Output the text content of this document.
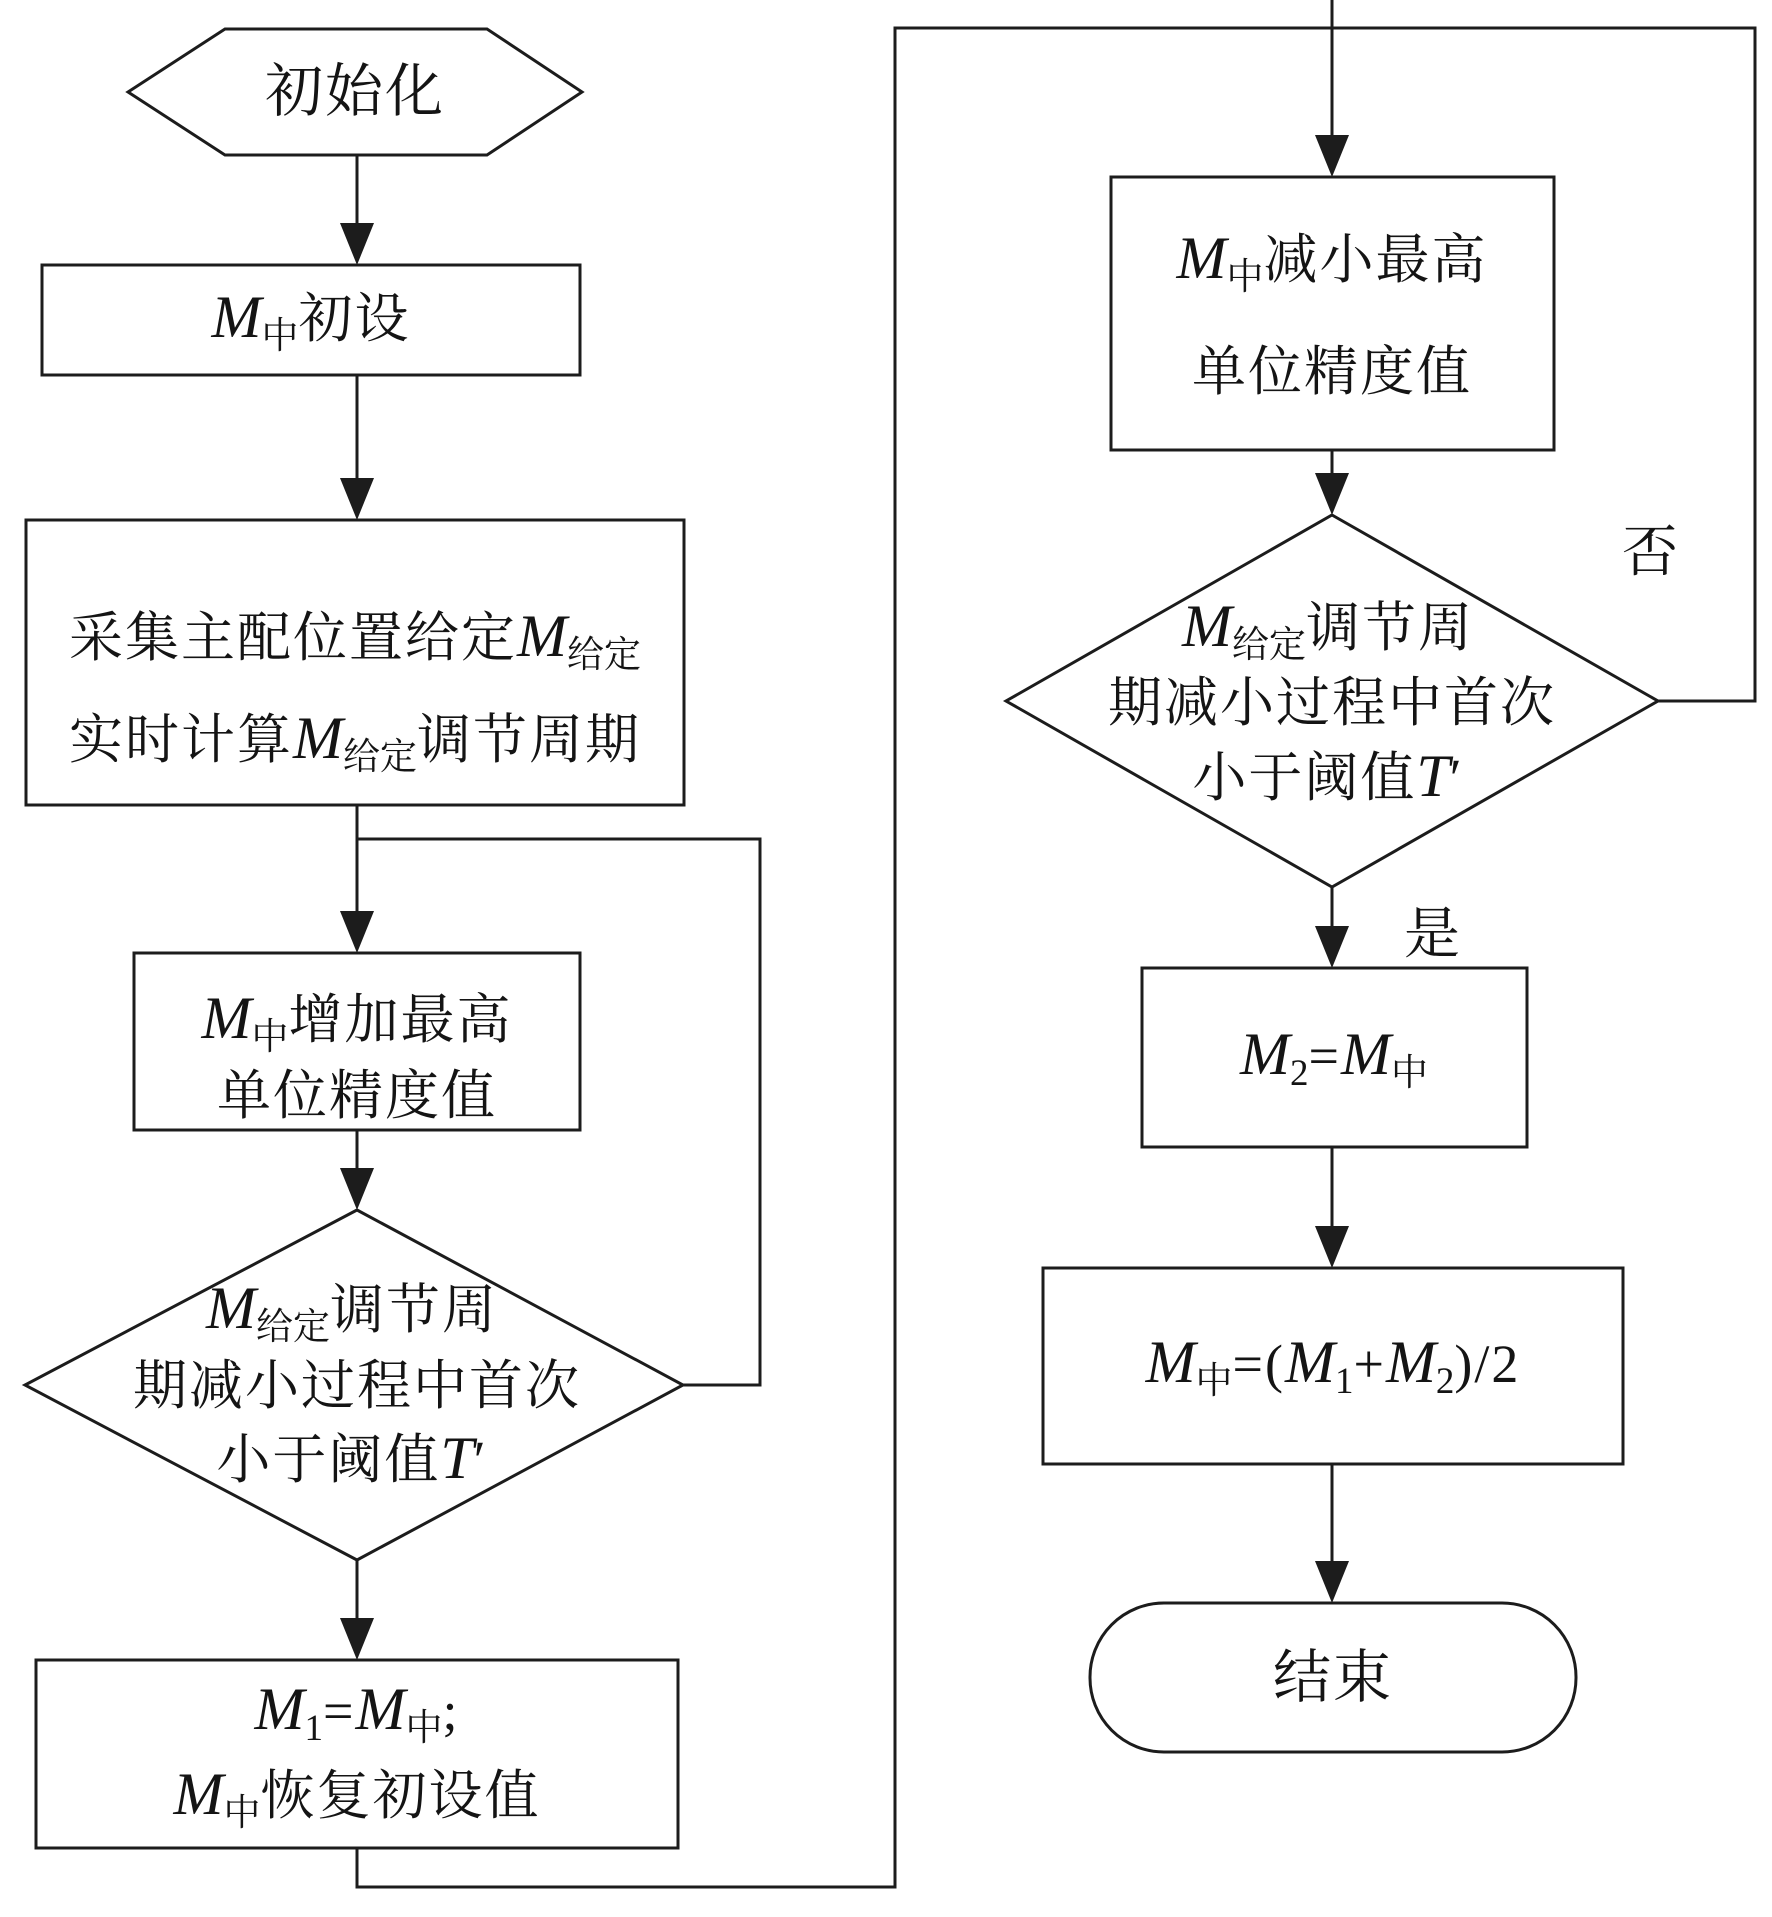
初始化
$M_中$初设
采集主配位置给定$M_{给定}$
实时计算$M_{给定}$调节周期
$M_中$增加最高
单位精度值
$M_{给定}$调节周
期减小过程中首次
小于阈值T′
$M_1=M_中$;
$M_中$恢复初设值
$M_中$减小最高
单位精度值
$M_{给定}$调节周
期减小过程中首次
小于阈值T′
$M_2=M_中$
$M_中=(M_1+M_2)/2$
结束
否
是
